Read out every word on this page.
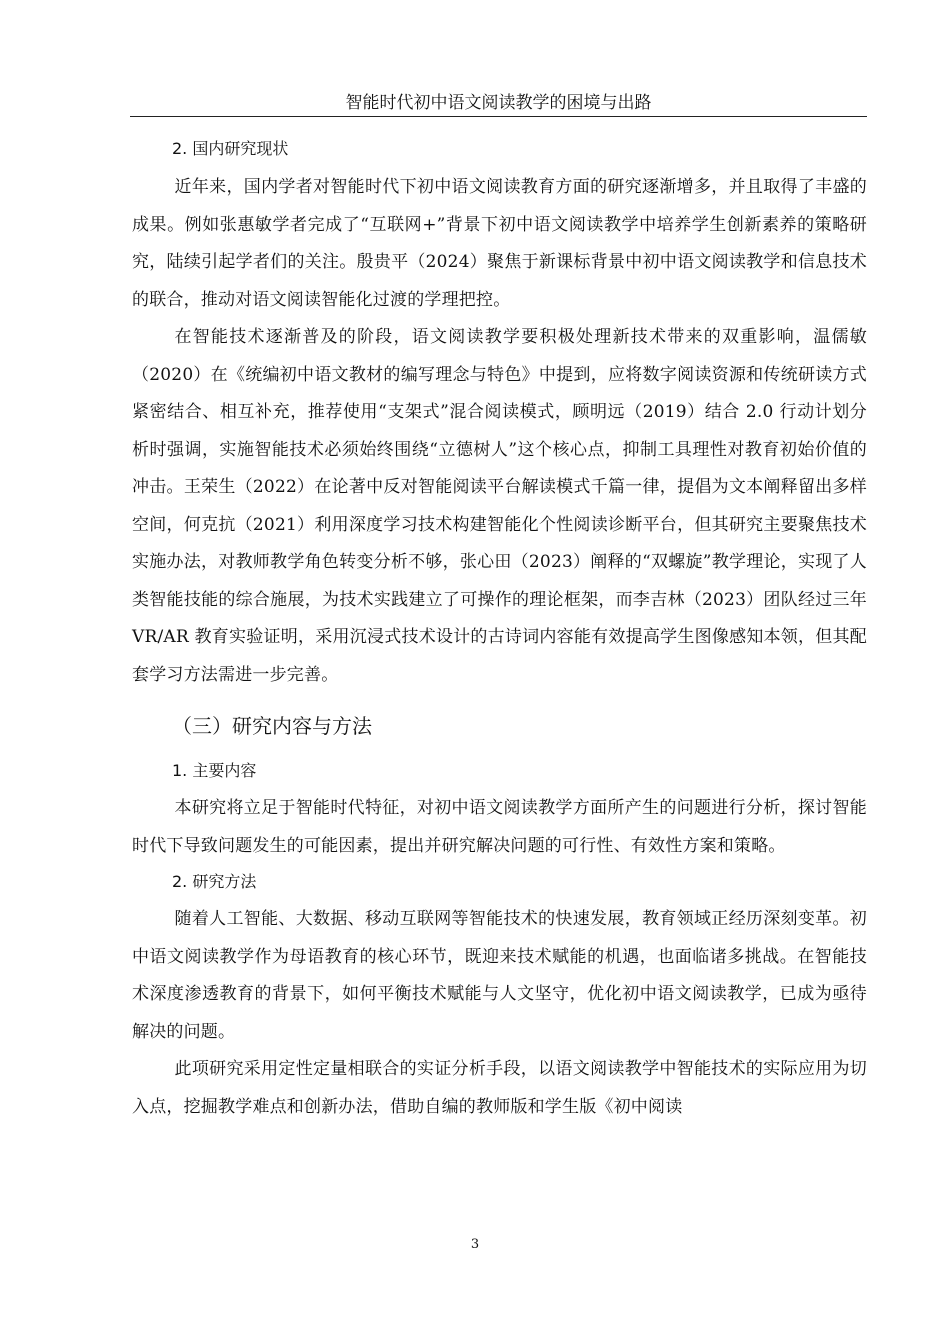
智能时代初中语文阅读教学的困境与出路

2. 国内研究现状

近年来，国内学者对智能时代下初中语文阅读教育方面的研究逐渐增多，并且取得了丰盛的成果。例如张惠敏学者完成了“互联网+”背景下初中语文阅读教学中培养学生创新素养的策略研究，陆续引起学者们的关注。殷贵平（2024）聚焦于新课标背景中初中语文阅读教学和信息技术的联合，推动对语文阅读智能化过渡的学理把控。

在智能技术逐渐普及的阶段，语文阅读教学要积极处理新技术带来的双重影响，温儒敏（2020）在《统编初中语文教材的编写理念与特色》中提到，应将数字阅读资源和传统研读方式紧密结合、相互补充，推荐使用“支架式”混合阅读模式，顾明远（2019）结合 2.0 行动计划分析时强调，实施智能技术必须始终围绕“立德树人”这个核心点，抑制工具理性对教育初始价值的冲击。王荣生（2022）在论著中反对智能阅读平台解读模式千篇一律，提倡为文本阐释留出多样空间，何克抗（2021）利用深度学习技术构建智能化个性阅读诊断平台，但其研究主要聚焦技术实施办法，对教师教学角色转变分析不够，张心田（2023）阐释的“双螺旋”教学理论，实现了人类智能技能的综合施展，为技术实践建立了可操作的理论框架，而李吉林（2023）团队经过三年 VR/AR 教育实验证明，采用沉浸式技术设计的古诗词内容能有效提高学生图像感知本领，但其配套学习方法需进一步完善。

（三）研究内容与方法

1. 主要内容

本研究将立足于智能时代特征，对初中语文阅读教学方面所产生的问题进行分析，探讨智能时代下导致问题发生的可能因素，提出并研究解决问题的可行性、有效性方案和策略。

2. 研究方法

随着人工智能、大数据、移动互联网等智能技术的快速发展，教育领域正经历深刻变革。初中语文阅读教学作为母语教育的核心环节，既迎来技术赋能的机遇，也面临诸多挑战。在智能技术深度渗透教育的背景下，如何平衡技术赋能与人文坚守，优化初中语文阅读教学，已成为亟待解决的问题。

此项研究采用定性定量相联合的实证分析手段，以语文阅读教学中智能技术的实际应用为切入点，挖掘教学难点和创新办法，借助自编的教师版和学生版《初中阅读

3
